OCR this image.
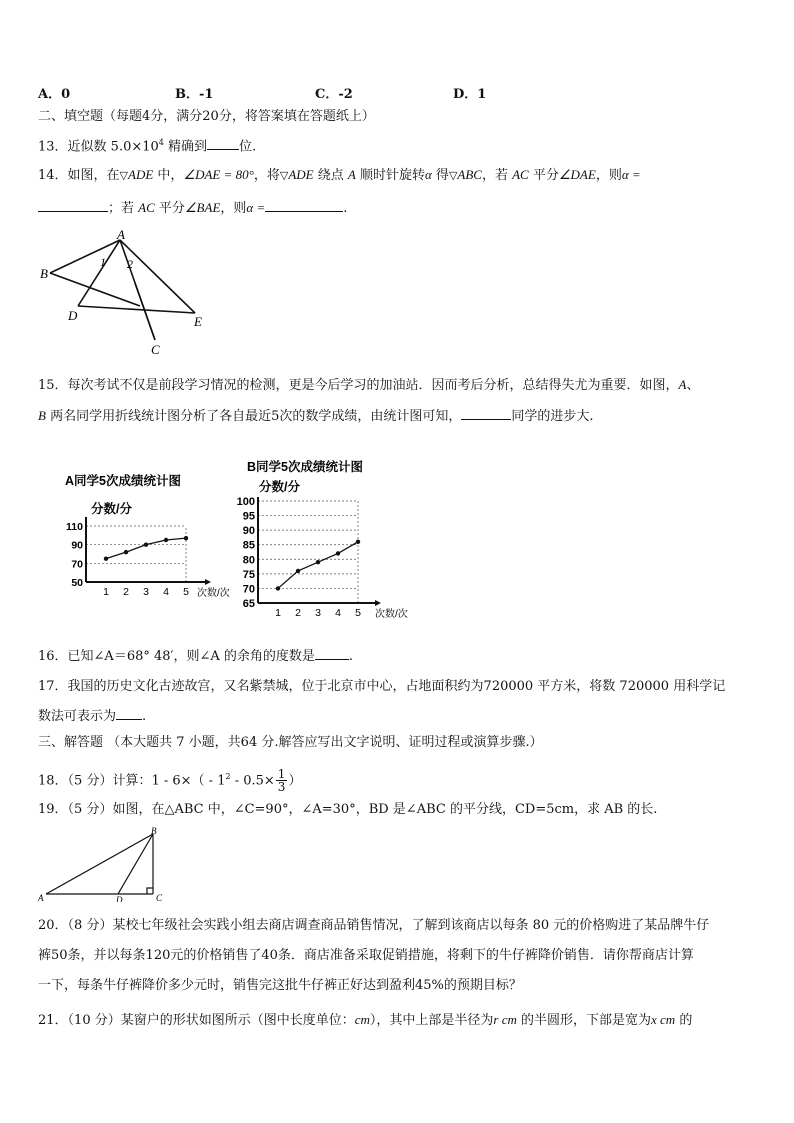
A．0	B．-1	C．-2	D．1
二、填空题（每题4分，满分20分，将答案填在答题纸上）
13．近似数 $5.0\times 10^4$ 精确到 位.
14．如图，在▽ADE 中，∠DAE = 80°，将▽ADE 绕点 A 顺时针旋转α 得▽ABC，若 AC 平分∠DAE，则α =
；若 AC 平分∠BAE，则α =	.
A
B
C
D	E
1 2
15．每次考试不仅是前段学习情况的检测，更是今后学习的加油站．因而考后分析，总结得失尤为重要．如图，A、
B 两名同学用折线统计图分析了各自最近5次的数学成绩，由统计图可知，	同学的进步大.
A同学5次成绩统计图
分数/分
次数/次
50
70
90
110
1 2 3 4 5
B同学5次成绩统计图
分数/分
次数/次
65
70
75
80
85
90
95
100
1 2 3 4 5
16．已知∠A＝68° 48′，则∠A 的余角的度数是	.
17．我国的历史文化古迹故宫，又名紫禁城，位于北京市中心，占地面积约为720000 平方米，将数 720000 用科学记
数法可表示为 .
三、解答题 （本大题共 7 小题，共64 分.解答应写出文字说明、证明过程或演算步骤.）
18．（5 分）计算：$1 - 6\times( - 1^2 - 0.5\times \frac{1}{3}$ ）
19．（5 分）如图，在△ABC 中，∠C=90°，∠A=30°，BD 是∠ABC 的平分线，CD=5cm，求 AB 的长.
A
B
C
D
20．（8 分）某校七年级社会实践小组去商店调查商品销售情况，了解到该商店以每条 80 元的价格购进了某品牌牛仔
裤50条，并以每条120元的价格销售了40条．商店准备采取促销措施，将剩下的牛仔裤降价销售．请你帮商店计算
一下，每条牛仔裤降价多少元时，销售完这批牛仔裤正好达到盈利45%的预期目标？
21．（10 分）某窗户的形状如图所示（图中长度单位：cm），其中上部是半径为r cm 的半圆形，下部是宽为x cm 的
